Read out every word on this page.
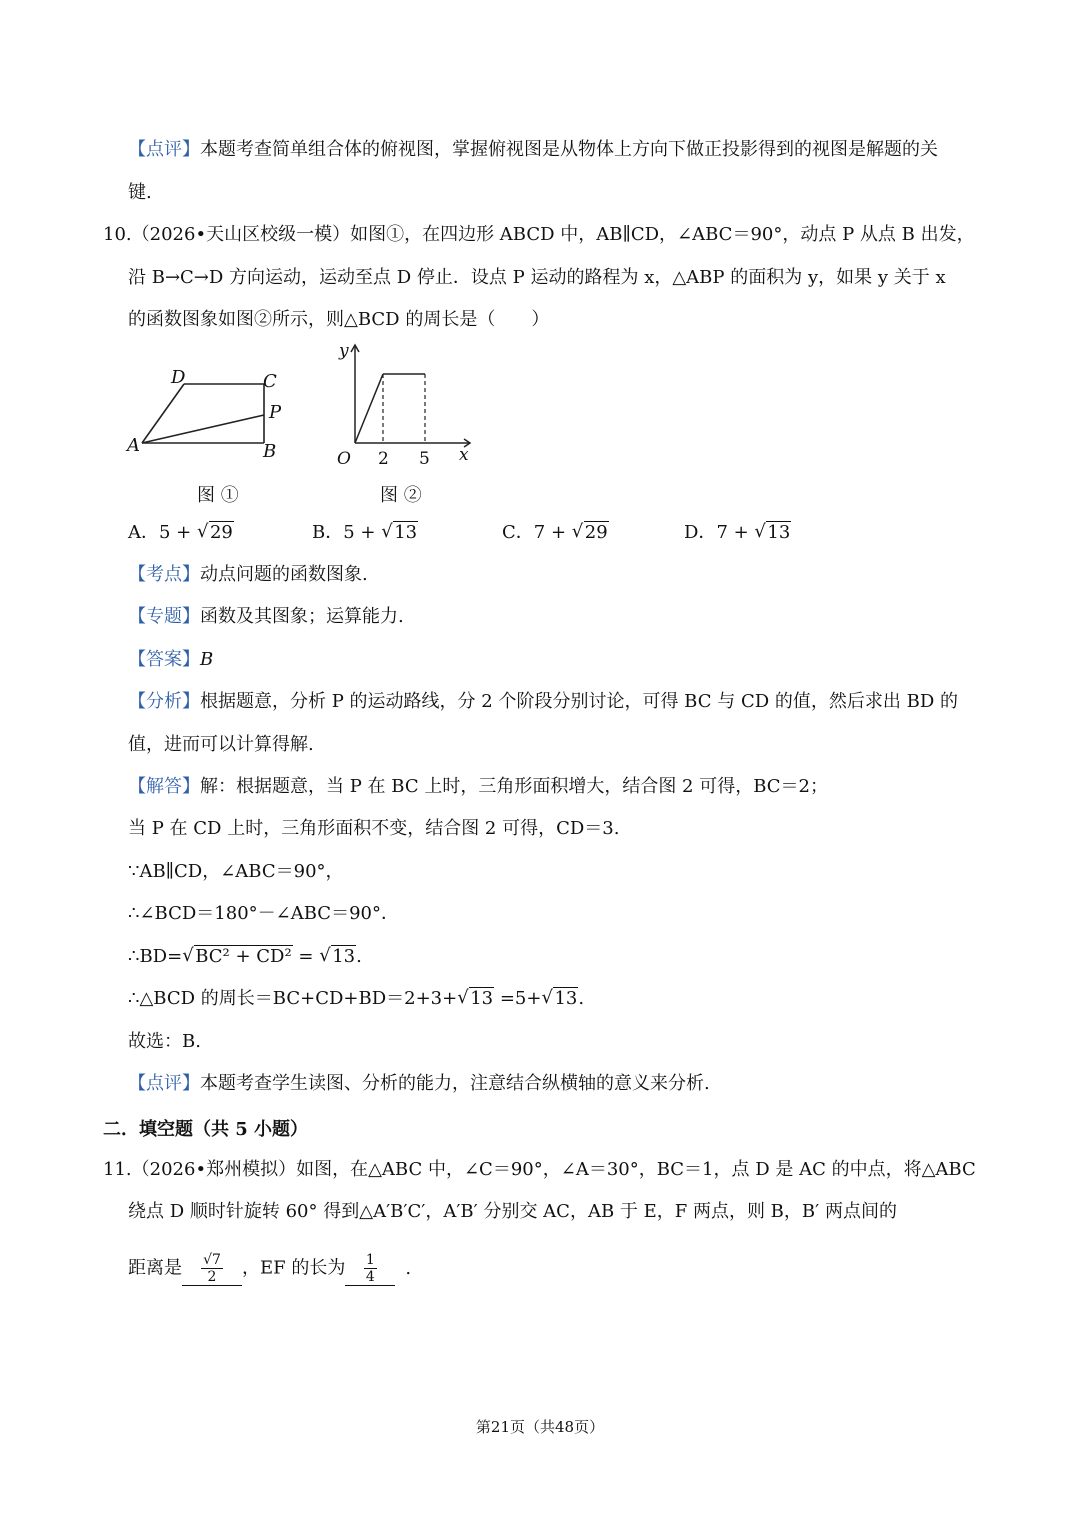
【点评】本题考查简单组合体的俯视图，掌握俯视图是从物体上方向下做正投影得到的视图是解题的关
键.
10.（2026•天山区校级一模）如图①，在四边形 ABCD 中，AB∥CD，∠ABC＝90°，动点 P 从点 B 出发，
沿 B→C→D 方向运动，运动至点 D 停止．设点 P 运动的路程为 x，△ABP 的面积为 y，如果 y 关于 x
的函数图象如图②所示，则△BCD 的周长是（　　）
D	C
P
A	B
图 ①
y
x
O 2 5
图 ②
A．5 + √ 29	B．5 + √ 13	C．7 + √ 29	D．7 + √ 13
【考点】动点问题的函数图象.
【专题】函数及其图象；运算能力.
【答案】B
【分析】根据题意，分析 P 的运动路线，分 2 个阶段分别讨论，可得 BC 与 CD 的值，然后求出 BD 的
值，进而可以计算得解.
【解答】解：根据题意，当 P 在 BC 上时，三角形面积增大，结合图 2 可得，BC＝2；
当 P 在 CD 上时，三角形面积不变，结合图 2 可得，CD＝3.
∵AB∥CD，∠ABC＝90°，
∴∠BCD＝180°－∠ABC＝90°．
∴BD= √ BC² + CD² = √ 13.
∴△BCD 的周长＝BC+CD+BD＝2+3+ √ 13 =5+ √ 13.
故选：B.
【点评】本题考查学生读图、分析的能力，注意结合纵横轴的意义来分析.
二．填空题（共 5 小题）
11.（2026•郑州模拟）如图，在△ABC 中，∠C＝90°，∠A＝30°，BC＝1，点 D 是 AC 的中点，将△ABC
绕点 D 顺时针旋转 60° 得到△A′B′C′，A′B′ 分别交 AC，AB 于 E，F 两点，则 B，B′ 两点间的
距离是 $\frac{√7}{2}$ ，EF 的长为 $\frac{1}{4}$ .
第21页（共48页）
